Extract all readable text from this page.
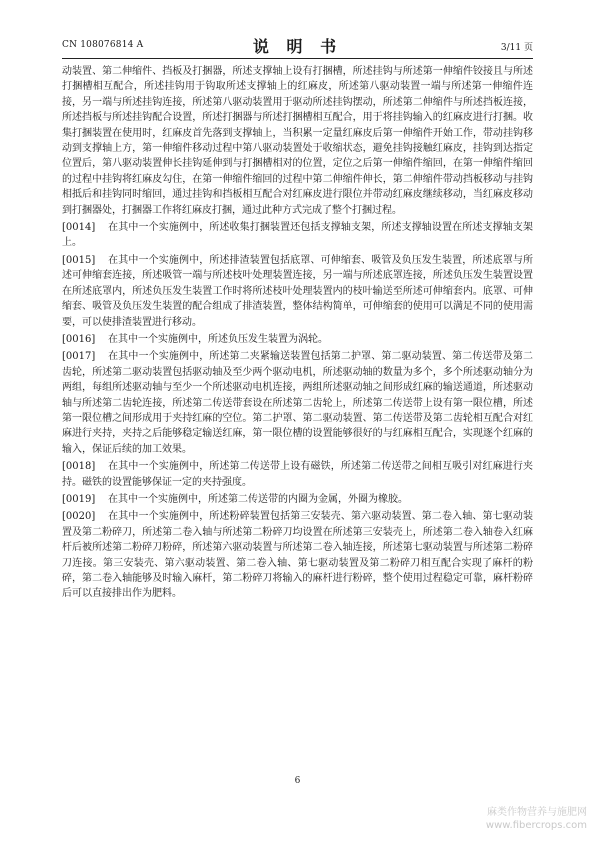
CN 108076814 A	说 明 书	3/11 页

动装置、第二伸缩件、挡板及打捆器，所述支撑轴上设有打捆槽，所述挂钩与所述第一伸缩件铰接且与所述打捆槽相互配合，所述挂钩用于钩取所述支撑轴上的红麻皮，所述第八驱动装置一端与所述第一伸缩件连接，另一端与所述挂钩连接，所述第八驱动装置用于驱动所述挂钩摆动，所述第二伸缩件与所述挡板连接，所述挡板与所述挂钩配合设置，所述打捆器与所述打捆槽相互配合，用于将挂钩输入的红麻皮进行打捆。收集打捆装置在使用时，红麻皮首先落到支撑轴上，当积累一定量红麻皮后第一伸缩件开始工作，带动挂钩移动到支撑轴上方，第一伸缩件移动过程中第八驱动装置处于收缩状态，避免挂钩接触红麻皮，挂钩到达指定位置后，第八驱动装置伸长挂钩延伸到与打捆槽相对的位置，定位之后第一伸缩件缩回，在第一伸缩件缩回的过程中挂钩将红麻皮勾住，在第一伸缩件缩回的过程中第二伸缩件伸长，第二伸缩件带动挡板移动与挂钩相抵后和挂钩同时缩回，通过挂钩和挡板相互配合对红麻皮进行限位并带动红麻皮继续移动，当红麻皮移动到打捆器处，打捆器工作将红麻皮打捆，通过此种方式完成了整个打捆过程。

[0014] 在其中一个实施例中，所述收集打捆装置还包括支撑轴支架，所述支撑轴设置在所述支撑轴支架上。

[0015] 在其中一个实施例中，所述排渣装置包括底罩、可伸缩套、吸管及负压发生装置，所述底罩与所述可伸缩套连接，所述吸管一端与所述枝叶处理装置连接，另一端与所述底罩连接，所述负压发生装置设置在所述底罩内，所述负压发生装置工作时将所述枝叶处理装置内的枝叶输送至所述可伸缩套内。底罩、可伸缩套、吸管及负压发生装置的配合组成了排渣装置，整体结构简单，可伸缩套的使用可以满足不同的使用需要，可以使排渣装置进行移动。

[0016] 在其中一个实施例中，所述负压发生装置为涡轮。

[0017] 在其中一个实施例中，所述第二夹紧输送装置包括第二护罩、第二驱动装置、第二传送带及第二齿轮，所述第二驱动装置包括驱动轴及至少两个驱动电机，所述驱动轴的数量为多个，多个所述驱动轴分为两组，每组所述驱动轴与至少一个所述驱动电机连接，两组所述驱动轴之间形成红麻的输送通道，所述驱动轴与所述第二齿轮连接，所述第二传送带套设在所述第二齿轮上，所述第二传送带上设有第一限位槽，所述第一限位槽之间形成用于夹持红麻的空位。第二护罩、第二驱动装置、第二传送带及第二齿轮相互配合对红麻进行夹持，夹持之后能够稳定输送红麻，第一限位槽的设置能够很好的与红麻相互配合，实现逐个红麻的输入，保证后续的加工效果。

[0018] 在其中一个实施例中，所述第二传送带上设有磁铁，所述第二传送带之间相互吸引对红麻进行夹持。磁铁的设置能够保证一定的夹持强度。

[0019] 在其中一个实施例中，所述第二传送带的内圈为金属，外圈为橡胶。

[0020] 在其中一个实施例中，所述粉碎装置包括第三安装壳、第六驱动装置、第二卷入轴、第七驱动装置及第二粉碎刀，所述第二卷入轴与所述第二粉碎刀均设置在所述第三安装壳上，所述第二卷入轴卷入红麻杆后被所述第二粉碎刀粉碎，所述第六驱动装置与所述第二卷入轴连接，所述第七驱动装置与所述第二粉碎刀连接。第三安装壳、第六驱动装置、第二卷入轴、第七驱动装置及第二粉碎刀相互配合实现了麻杆的粉碎，第二卷入轴能够及时输入麻杆，第二粉碎刀将输入的麻杆进行粉碎，整个使用过程稳定可靠，麻杆粉碎后可以直接排出作为肥料。

6
麻类作物营养与施肥网
www.fibercrops.com
